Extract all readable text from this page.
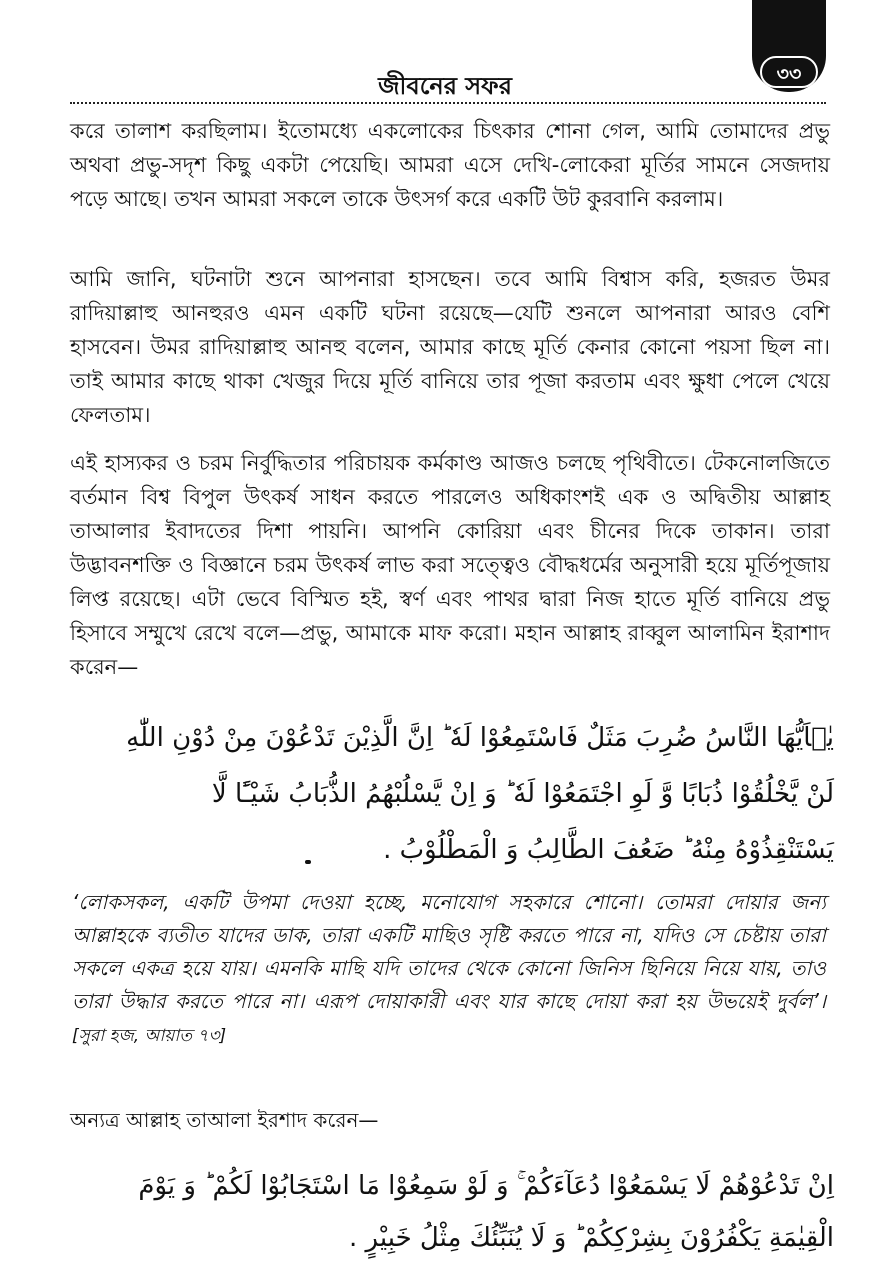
৩৩
জীবনের সফর

করে তালাশ করছিলাম। ইতোমধ্যে একলোকের চিৎকার শোনা গেল, আমি তোমাদের প্রভু অথবা প্রভু-সদৃশ কিছু একটা পেয়েছি। আমরা এসে দেখি-লোকেরা মূর্তির সামনে সেজদায় পড়ে আছে। তখন আমরা সকলে তাকে উৎসর্গ করে একটি উট কুরবানি করলাম।

আমি জানি, ঘটনাটা শুনে আপনারা হাসছেন। তবে আমি বিশ্বাস করি, হজরত উমর রাদিয়াল্লাহু আনহুরও এমন একটি ঘটনা রয়েছে—যেটি শুনলে আপনারা আরও বেশি হাসবেন। উমর রাদিয়াল্লাহু আনহু বলেন, আমার কাছে মূর্তি কেনার কোনো পয়সা ছিল না। তাই আমার কাছে থাকা খেজুর দিয়ে মূর্তি বানিয়ে তার পূজা করতাম এবং ক্ষুধা পেলে খেয়ে ফেলতাম।

এই হাস্যকর ও চরম নির্বুদ্ধিতার পরিচায়ক কর্মকাণ্ড আজও চলছে পৃথিবীতে। টেকনোলজিতে বর্তমান বিশ্ব বিপুল উৎকর্ষ সাধন করতে পারলেও অধিকাংশই এক ও অদ্বিতীয় আল্লাহ তাআলার ইবাদতের দিশা পায়নি। আপনি কোরিয়া এবং চীনের দিকে তাকান। তারা উদ্ভাবনশক্তি ও বিজ্ঞানে চরম উৎকর্ষ লাভ করা সত্ত্বেও বৌদ্ধধর্মের অনুসারী হয়ে মূর্তিপূজায় লিপ্ত রয়েছে। এটা ভেবে বিস্মিত হই, স্বর্ণ এবং পাথর দ্বারা নিজ হাতে মূর্তি বানিয়ে প্রভু হিসাবে সম্মুখে রেখে বলে—প্রভু, আমাকে মাফ করো। মহান আল্লাহ রাব্বুল আলামিন ইরাশাদ করেন—

يٰۤاَيُّهَا النَّاسُ ضُرِبَ مَثَلٌ فَاسْتَمِعُوْا لَهٗ ؕ اِنَّ الَّذِيْنَ تَدْعُوْنَ مِنْ دُوْنِ اللّٰهِ

لَنْ يَّخْلُقُوْا ذُبَابًا وَّ لَوِ اجْتَمَعُوْا لَهٗ ؕ وَ اِنْ يَّسْلُبْهُمُ الذُّبَابُ شَيْـًٔا لَّا

يَسْتَنْقِذُوْهُ مِنْهُ ؕ ضَعُفَ الطَّالِبُ وَ الْمَطْلُوْبُ .

‘লোকসকল, একটি উপমা দেওয়া হচ্ছে, মনোযোগ সহকারে শোনো। তোমরা দোয়ার জন্য আল্লাহকে ব্যতীত যাদের ডাক, তারা একটি মাছিও সৃষ্টি করতে পারে না, যদিও সে চেষ্টায় তারা সকলে একত্র হয়ে যায়। এমনকি মাছি যদি তাদের থেকে কোনো জিনিস ছিনিয়ে নিয়ে যায়, তাও তারা উদ্ধার করতে পারে না। এরূপ দোয়াকারী এবং যার কাছে দোয়া করা হয় উভয়েই দুর্বল’। [সুরা হজ, আয়াত ৭৩]

অন্যত্র আল্লাহ তাআলা ইরশাদ করেন—

اِنْ تَدْعُوْهُمْ لَا يَسْمَعُوْا دُعَآءَكُمْ ۚ وَ لَوْ سَمِعُوْا مَا اسْتَجَابُوْا لَكُمْ ؕ وَ يَوْمَ

الْقِيٰمَةِ يَكْفُرُوْنَ بِشِرْكِكُمْ ؕ وَ لَا يُنَبِّئُكَ مِثْلُ خَبِيْرٍ .
